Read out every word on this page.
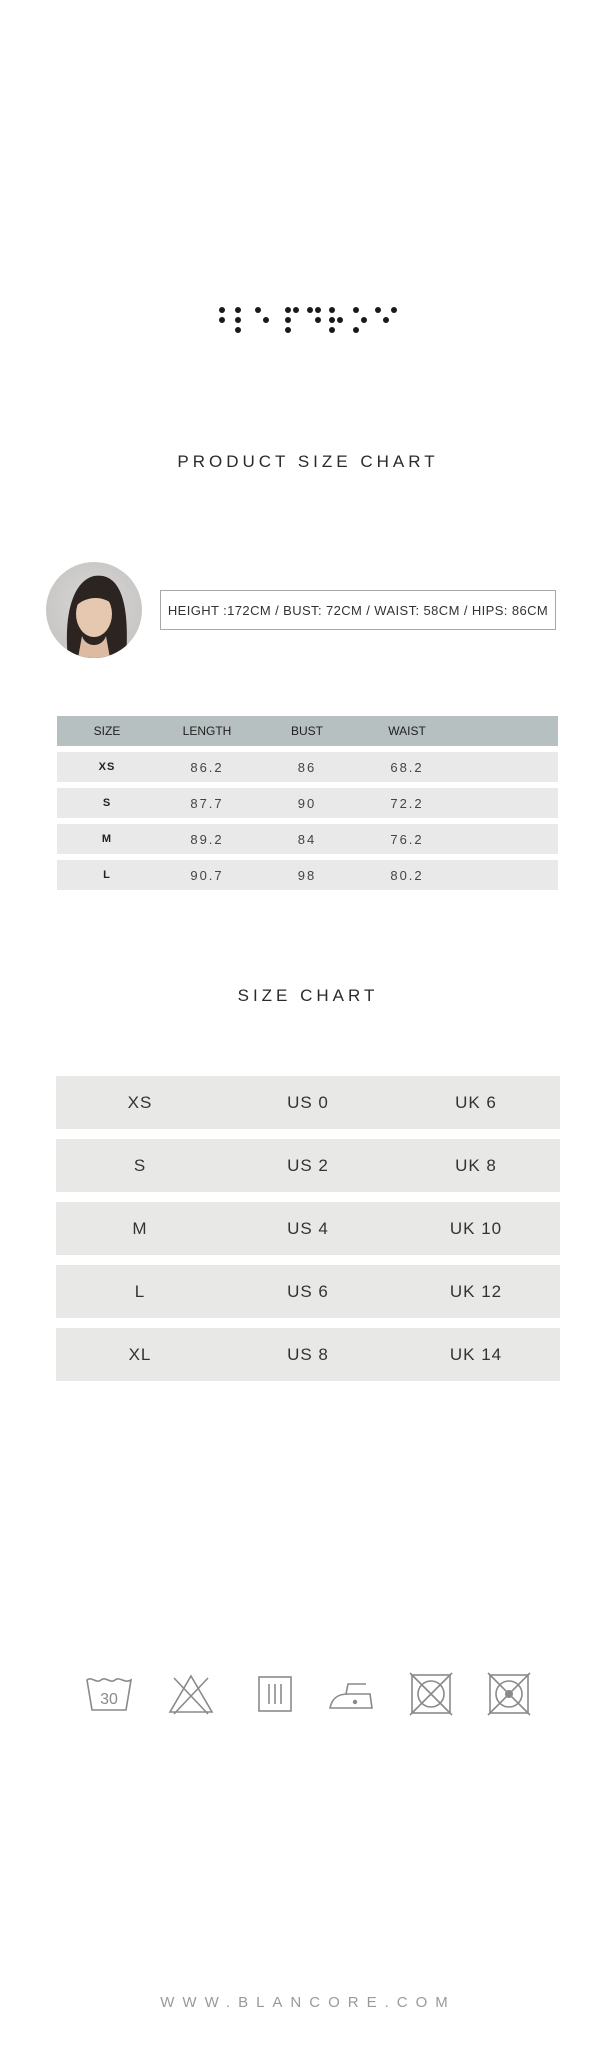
PRODUCT SIZE CHART
HEIGHT :172CM / BUST: 72CM / WAIST: 58CM / HIPS: 86CM
SIZE	LENGTH	BUST	WAIST
XS	86.2	86	68.2
S	87.7	90	72.2
M	89.2	84	76.2
L	90.7	98	80.2
SIZE CHART
XS	US 0	UK 6
S	US 2	UK 8
M	US 4	UK 10
L	US 6	UK 12
XL	US 8	UK 14
30
WWW.BLANCORE.COM
